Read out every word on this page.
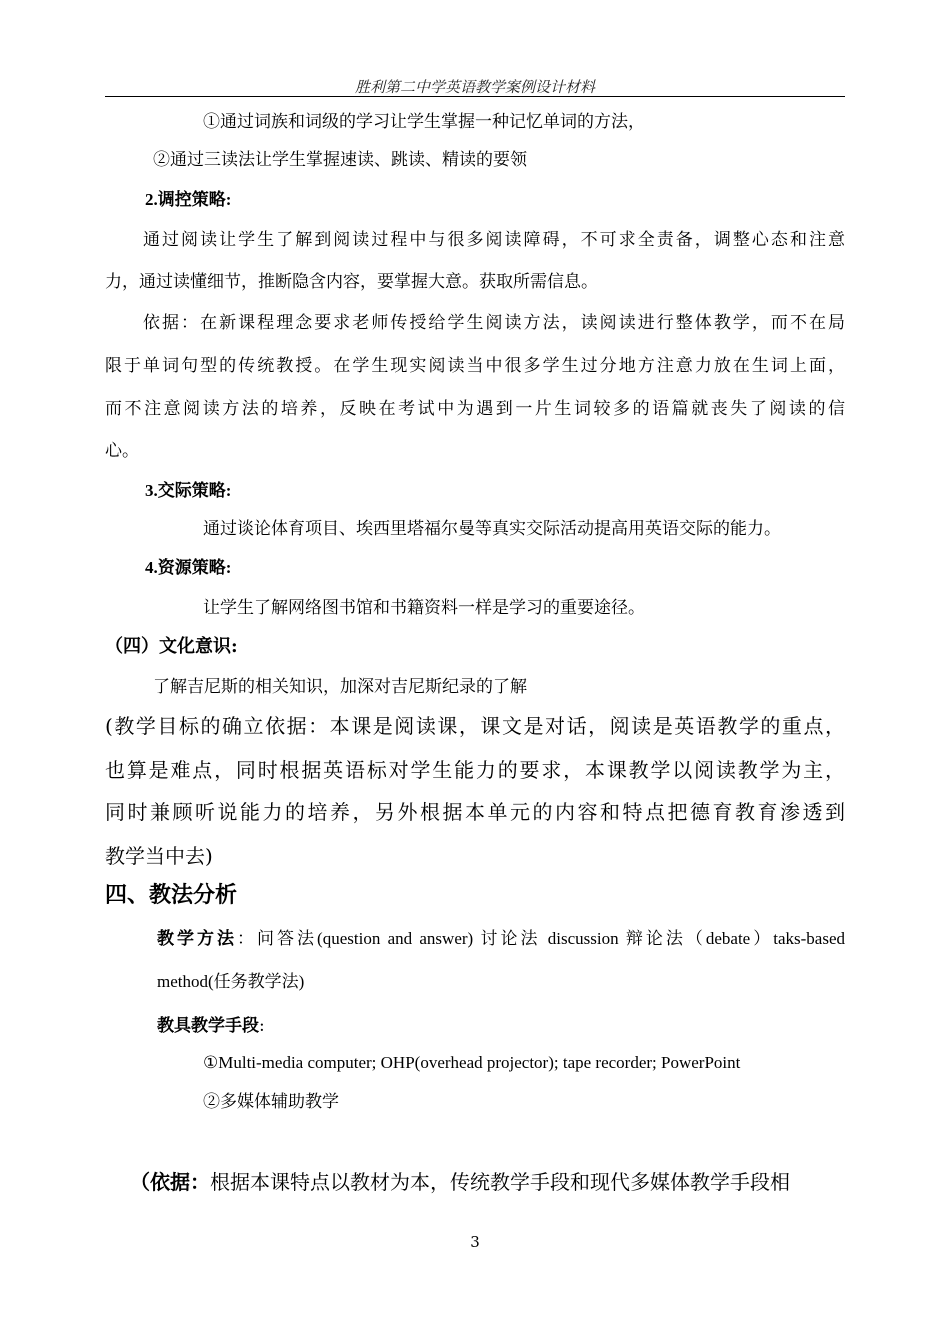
胜利第二中学英语教学案例设计材料
①通过词族和词级的学习让学生掌握一种记忆单词的方法，
②通过三读法让学生掌握速读、跳读、精读的要领
2.调控策略:
通过阅读让学生了解到阅读过程中与很多阅读障碍，不可求全责备，调整心态和注意
力，通过读懂细节，推断隐含内容，要掌握大意。获取所需信息。
依据：在新课程理念要求老师传授给学生阅读方法，读阅读进行整体教学，而不在局
限于单词句型的传统教授。在学生现实阅读当中很多学生过分地方注意力放在生词上面，
而不注意阅读方法的培养，反映在考试中为遇到一片生词较多的语篇就丧失了阅读的信
心。
3.交际策略:
通过谈论体育项目、埃西里塔福尔曼等真实交际活动提高用英语交际的能力。
4.资源策略:
让学生了解网络图书馆和书籍资料一样是学习的重要途径。
（四）文化意识:
了解吉尼斯的相关知识，加深对吉尼斯纪录的了解
(教学目标的确立依据：本课是阅读课，课文是对话，阅读是英语教学的重点，
也算是难点，同时根据英语标对学生能力的要求，本课教学以阅读教学为主，
同时兼顾听说能力的培养，另外根据本单元的内容和特点把德育教育渗透到
教学当中去)
四、教法分析
教学方法：问答法(question and answer) 讨论法 discussion 辩论法（debate）taks-based
method(任务教学法)
教具教学手段:
①Multi-media computer; OHP(overhead projector); tape recorder; PowerPoint
②多媒体辅助教学
（依据：根据本课特点以教材为本，传统教学手段和现代多媒体教学手段相
3
